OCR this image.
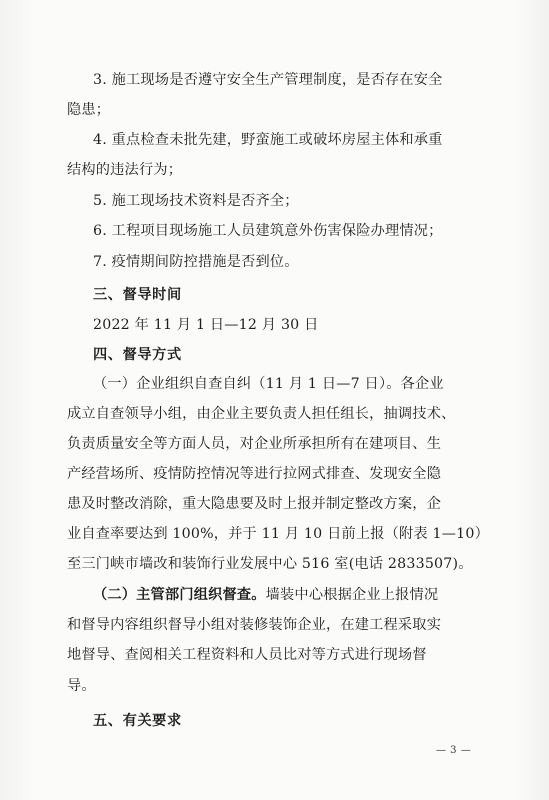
3. 施工现场是否遵守安全生产管理制度，是否存在安全
隐患；
4. 重点检查未批先建，野蛮施工或破坏房屋主体和承重
结构的违法行为；
5. 施工现场技术资料是否齐全；
6. 工程项目现场施工人员建筑意外伤害保险办理情况；
7. 疫情期间防控措施是否到位。
三、督导时间
2022 年 11 月 1 日—12 月 30 日
四、督导方式
（一）企业组织自查自纠（11 月 1 日—7 日）。各企业
成立自查领导小组，由企业主要负责人担任组长，抽调技术、
负责质量安全等方面人员，对企业所承担所有在建项目、生
产经营场所、疫情防控情况等进行拉网式排查、发现安全隐
患及时整改消除，重大隐患要及时上报并制定整改方案，企
业自查率要达到 100%，并于 11 月 10 日前上报（附表 1—10）
至三门峡市墙改和装饰行业发展中心 516 室(电话 2833507)。
（二）主管部门组织督查。墙装中心根据企业上报情况
和督导内容组织督导小组对装修装饰企业，在建工程采取实
地督导、查阅相关工程资料和人员比对等方式进行现场督
导。
五、有关要求
— 3 —
